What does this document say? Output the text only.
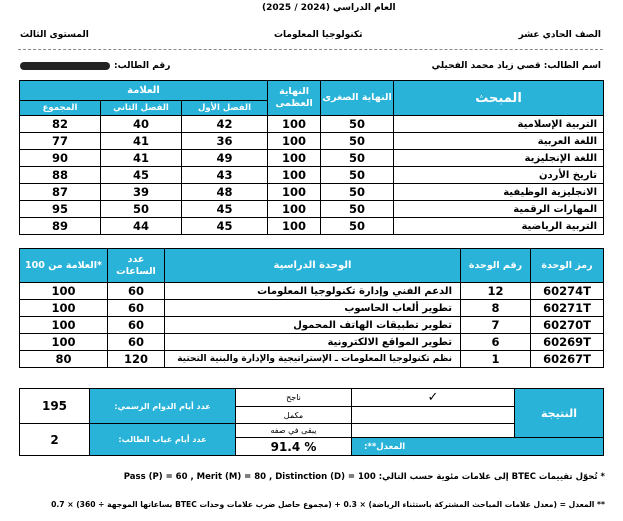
العام الدراسي (2024 / 2025)
الصف الحادي عشر
تكنولوجيا المعلومات
المستوى الثالث
اسم الطالب: قصي زياد محمد الفحيلي
رقم الطالب:
العلامة			النهاية العظمى	النهاية الصغرى	المبحث
المجموع	الفصل الثاني	الفصل الأول			
82	40	42	100	50	التربية الإسلامية
77	41	36	100	50	اللغة العربية
90	41	49	100	50	اللغة الإنجليزية
88	45	43	100	50	تاريخ الأردن
87	39	48	100	50	الانجليزية الوظيفية
95	50	45	100	50	المهارات الرقمية
89	44	45	100	50	التربية الرياضية
العلامة من 100*	عدد الساعات	الوحدة الدراسية	رقم الوحدة	رمز الوحدة
100	60	الدعم الفني وإدارة تكنولوجيا المعلومات	12	60274T
100	60	تطوير ألعاب الحاسوب	8	60271T
100	60	تطوير تطبيقات الهاتف المحمول	7	60270T
100	60	تطوير المواقع الالكترونية	6	60269T
80	120	نظم تكنولوجيا المعلومات ـ الإستراتيجية والإدارة والبنية التحتية	1	60267T
195	عدد أيام الدوام الرسمي:	ناجح	✓	النتيجة
		مكمل		
2	عدد أيام غياب الطالب:	يبقى في صفه		
		91.4 %	المعدل**:	
* تُحوّل تقييمات BTEC إلى علامات مئوية حسب التالي: Pass (P) = 60 , Merit (M) = 80 , Distinction (D) = 100
** المعدل = (معدل علامات المباحث المشتركة باستثناء الرياضة) × 0.3 + (مجموع حاصل ضرب علامات وحدات BTEC بساعاتها الموجهة ÷ 360) × 0.7
